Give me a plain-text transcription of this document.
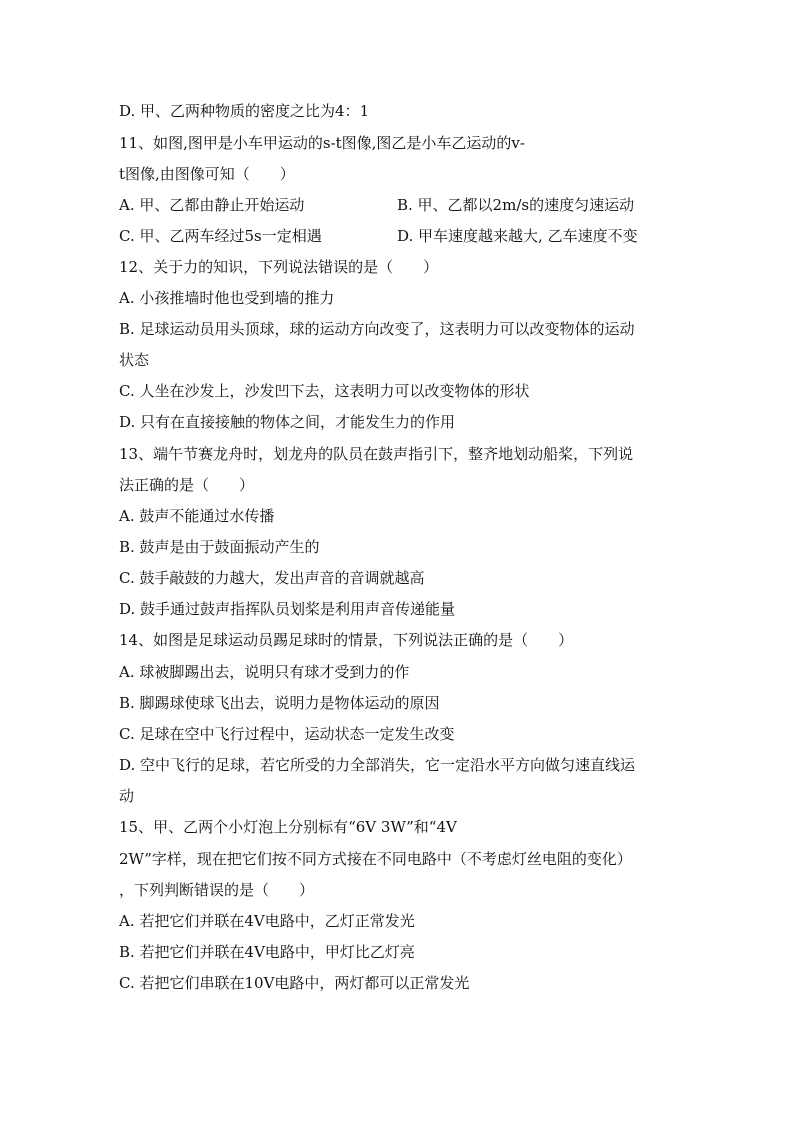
D. 甲、乙两种物质的密度之比为4：1
11、如图,图甲是小车甲运动的s-t图像,图乙是小车乙运动的v-
t图像,由图像可知（　　）
A. 甲、乙都由静止开始运动	B. 甲、乙都以2m/s的速度匀速运动
C. 甲、乙两车经过5s一定相遇	D. 甲车速度越来越大, 乙车速度不变
12、关于力的知识，下列说法错误的是（　　）
A. 小孩推墙时他也受到墙的推力
B. 足球运动员用头顶球，球的运动方向改变了，这表明力可以改变物体的运动
状态
C. 人坐在沙发上，沙发凹下去，这表明力可以改变物体的形状
D. 只有在直接接触的物体之间，才能发生力的作用
13、端午节赛龙舟时，划龙舟的队员在鼓声指引下，整齐地划动船桨，下列说
法正确的是（　　）
A. 鼓声不能通过水传播
B. 鼓声是由于鼓面振动产生的
C. 鼓手敲鼓的力越大，发出声音的音调就越高
D. 鼓手通过鼓声指挥队员划桨是利用声音传递能量
14、如图是足球运动员踢足球时的情景，下列说法正确的是（　　）
A. 球被脚踢出去，说明只有球才受到力的作
B. 脚踢球使球飞出去，说明力是物体运动的原因
C. 足球在空中飞行过程中，运动状态一定发生改变
D. 空中飞行的足球，若它所受的力全部消失，它一定沿水平方向做匀速直线运
动
15、甲、乙两个小灯泡上分别标有“6V 3W”和“4V
2W”字样，现在把它们按不同方式接在不同电路中（不考虑灯丝电阻的变化）
，下列判断错误的是（　　）
A. 若把它们并联在4V电路中，乙灯正常发光
B. 若把它们并联在4V电路中，甲灯比乙灯亮
C. 若把它们串联在10V电路中，两灯都可以正常发光
